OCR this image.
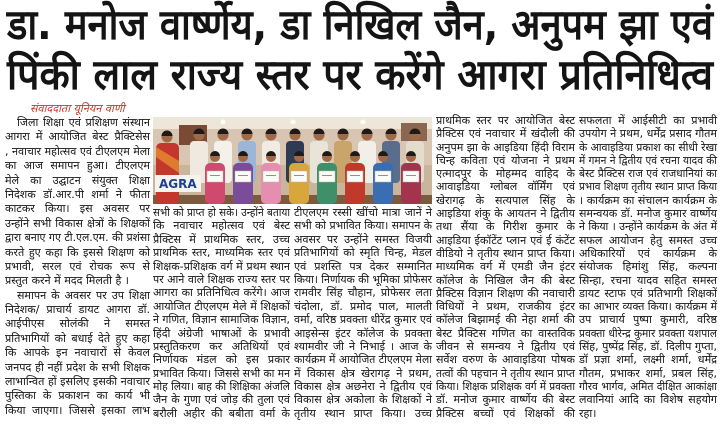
डा. मनोज वार्ष्णेय, डा निखिल जैन, अनुपम झा एवं
पिंकी लाल राज्य स्तर पर करेंगे आगरा प्रतिनिधित्व
संवाददाता यूनियन वाणी
जिला शिक्षा एवं प्रशिक्षण संस्थान
आगरा में आयोजित बेस्ट प्रैक्टिसेस
, नवाचार महोत्सव एवं टीएलएम मेला
का आज समापन हुआ। टीएलएम
मेले का उद्घाटन संयुक्त शिक्षा
निदेशक डॉ.आर.पी शर्मा ने फीता
काटकर किया। इस अवसर पर
उन्होंने सभी विकास क्षेत्रों के शिक्षकों
द्वारा बनाए गए टी.एल.एम. की प्रशंसा
करते हुए कहा कि इससे शिक्षण को
प्रभावी, सरल एवं रोचक रूप से
प्रस्तुत करने में मदद मिलती है ।
समापन के अवसर पर उप शिक्षा
निदेशक/ प्राचार्य डायट आगरा डॉ.
आईपीएस सोलंकी ने समस्त
प्रतिभागियों को बधाई देते हुए कहा
कि आपके इन नवाचारों से केवल
जनपद ही नहीं प्रदेश के सभी शिक्षक
लाभान्वित हों इसलिए इसकी नवाचार
पुस्तिका के प्रकाशन का कार्य भी
किया जाएगा। जिससे इसका लाभ
सभी को प्राप्त हो सके। उन्होंने बताया
कि नवाचार महोत्सव एवं बेस्ट
प्रैक्टिस में प्राथमिक स्तर, उच्च
प्राथमिक स्तर, माध्यमिक स्तर एवं
शिक्षक-प्रशिक्षक वर्ग में प्रथम स्थान
पर आने वाले शिक्षक राज्य स्तर पर
आगरा का प्रतिनिधित्व करेंगे। आज
आयोजित टीएलएम मेले में शिक्षकों
ने गणित, विज्ञान सामाजिक विज्ञान,
हिंदी अंग्रेजी भाषाओं के प्रभावी
प्रस्तुतिकरण कर अतिथियों एवं
निर्णायक मंडल को इस प्रकार
प्रभावित किया। जिससे सभी का मन
मोह लिया। बाह की शिक्षिका अंजलि
जैन के गुणा एवं जोड़ की तुला एवं
बरौली अहीर की बबीता वर्मा के
टीएलएम रस्सी खींचो मात्रा जानें ने
सभी को प्रभावित किया। समापन के
अवसर पर उन्होंने समस्त विजयी
प्रतिभागियों को स्मृति चिन्ह, मेडल
एवं प्रशस्ति पत्र देकर सम्मानित
किया। निर्णायक की भूमिका प्रोफेसर
रामवीर सिंह चौहान, प्रोफेसर लता
चंदोला, डॉ. प्रमोद पाल, मालती
वर्मा, वरिष्ठ प्रवक्ता धीरेंद्र कुमार एवं
आइसेन्स इंटर कॉलेज के प्रवक्ता
श्यामवीर जी ने निभाई । आज के
कार्यक्रम में आयोजित टीएलएम मेला
में विकास क्षेत्र खेरागढ़ ने प्रथम,
विकास क्षेत्र अछनेरा ने द्वितीय एवं
विकास क्षेत्र अकोला के शिक्षकों ने
तृतीय स्थान प्राप्त किया। उच्च
प्राथमिक स्तर पर आयोजित बेस्ट
प्रैक्टिस एवं नवाचार में खंदौली की
अनुपम झा के आइडिया हिंदी विराम
चिन्ह कविता एवं योजना ने प्रथम
एत्मादपुर के मोहम्मद वाहिद के
आवाइडिया ग्लोबल वॉर्मिंग एवं
खेरागढ़ के सत्यपाल सिंह के
आइडिया शंकु के आयतन ने द्वितीय
तथा सैंया के गिरीश कुमार के
आइडिया ईकॉटेंट प्लान एवं ई कंटेंट
वीडियो ने तृतीय स्थान प्राप्त किया।
माध्यमिक वर्ग में एमडी जैन इंटर
कॉलेज के निखिल जैन की बेस्ट
प्रैक्टिस विज्ञान शिक्षण की नवाचारी
विधियों ने प्रथम, राजकीय इंटर
कॉलेज बिझामई की नेहा शर्मा की
बेस्ट प्रैक्टिस गणित का वास्तविक
जीवन से समन्वय ने द्वितीय एवं
सर्वेश वरुण के आवाइडिया पोषक
तत्वों की पहचान ने तृतीय स्थान प्राप्त
किया। शिक्षक प्रशिक्षक वर्ग में प्रवक्ता
डॉ. मनोज कुमार वार्ष्णेय की बेस्ट
प्रैक्टिस बच्चों एवं शिक्षकों की
सफलता में आईसीटी का प्रभावी
उपयोग ने प्रथम, धर्मेंद्र प्रसाद गौतम
के आवाइडिया प्रकाश का सीधी रेखा
में गमन ने द्वितीय एवं रचना यादव की
बेस्ट प्रैक्टिस राज एवं राजधानियां का
प्रभाव शिक्षण तृतीय स्थान प्राप्त किया
। कार्यक्रम का संचालन कार्यक्रम के
समन्वयक डॉ. मनोज कुमार वार्ष्णेय
ने किया । उन्होंने कार्यक्रम के अंत में
सफल आयोजन हेतु समस्त उच्च
अधिकारियों एवं कार्यक्रम के
संयोजक हिमांशु सिंह, कल्पना
सिन्हा, रचना यादव सहित समस्त
डायट स्टाफ एवं प्रतिभागी शिक्षकों
का आभार व्यक्त किया। कार्यक्रम में
उप प्राचार्य पुष्पा कुमारी, वरिष्ठ
प्रवक्ता धीरेन्द्र कुमार प्रवक्ता यशपाल
सिंह, पुष्पेंद्र सिंह, डॉ. दिलीप गुप्ता,
डॉ प्रज्ञा शर्मा, लक्ष्मी शर्मा, धर्मेंद्र
गौतम, प्रभाकर शर्मा, प्रबल सिंह,
गौरव भार्गव, अमित दीक्षित आकांक्षा
लवानियां आदि का विशेष सहयोग
रहा।
AGRA
